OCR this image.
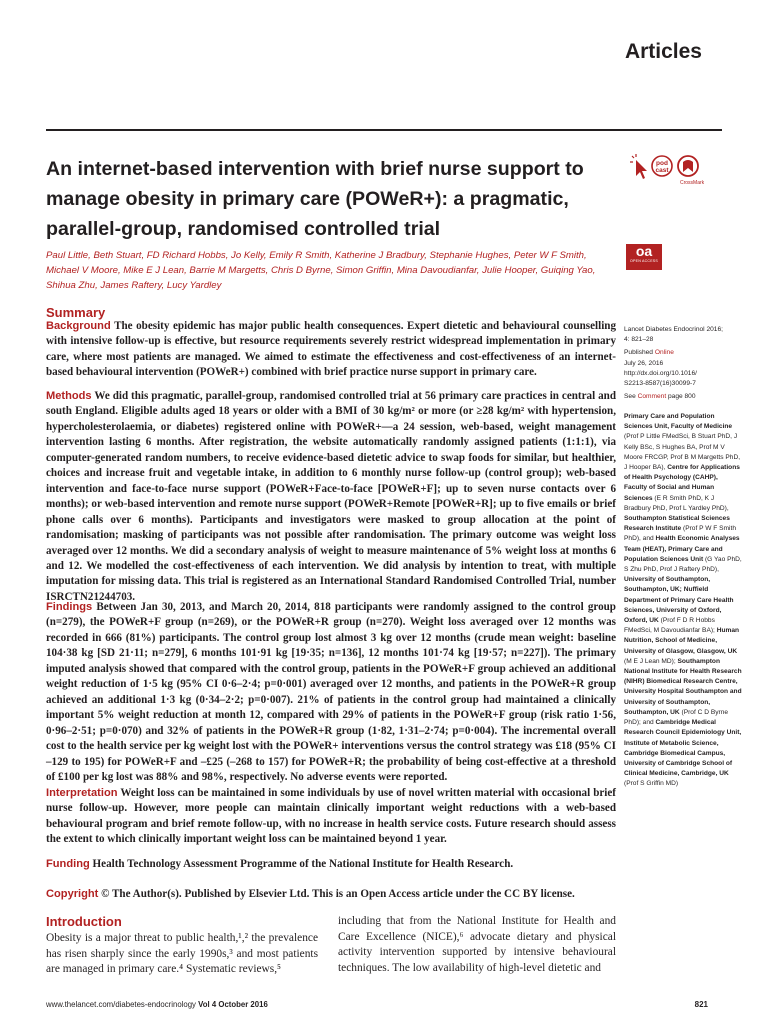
Articles
An internet-based intervention with brief nurse support to manage obesity in primary care (POWeR+): a pragmatic, parallel-group, randomised controlled trial
pod
cast
CrossMark
Paul Little, Beth Stuart, FD Richard Hobbs, Jo Kelly, Emily R Smith, Katherine J Bradbury, Stephanie Hughes, Peter W F Smith, Michael V Moore, Mike E J Lean, Barrie M Margetts, Chris D Byrne, Simon Griffin, Mina Davoudianfar, Julie Hooper, Guiqing Yao, Shihua Zhu, James Raftery, Lucy Yardley
oa
OPEN ACCESS
Summary
Background The obesity epidemic has major public health consequences. Expert dietetic and behavioural counselling with intensive follow-up is effective, but resource requirements severely restrict widespread implementation in primary care, where most patients are managed. We aimed to estimate the effectiveness and cost-effectiveness of an internet-based behavioural intervention (POWeR+) combined with brief practice nurse support in primary care.
Methods We did this pragmatic, parallel-group, randomised controlled trial at 56 primary care practices in central and south England. Eligible adults aged 18 years or older with a BMI of 30 kg/m² or more (or ≥28 kg/m² with hypertension, hypercholesterolaemia, or diabetes) registered online with POWeR+—a 24 session, web-based, weight management intervention lasting 6 months. After registration, the website automatically randomly assigned patients (1:1:1), via computer-generated random numbers, to receive evidence-based dietetic advice to swap foods for similar, but healthier, choices and increase fruit and vegetable intake, in addition to 6 monthly nurse follow-up (control group); web-based intervention and face-to-face nurse support (POWeR+Face-to-face [POWeR+F]; up to seven nurse contacts over 6 months); or web-based intervention and remote nurse support (POWeR+Remote [POWeR+R]; up to five emails or brief phone calls over 6 months). Participants and investigators were masked to group allocation at the point of randomisation; masking of participants was not possible after randomisation. The primary outcome was weight loss averaged over 12 months. We did a secondary analysis of weight to measure maintenance of 5% weight loss at months 6 and 12. We modelled the cost-effectiveness of each intervention. We did analysis by intention to treat, with multiple imputation for missing data. This trial is registered as an International Standard Randomised Controlled Trial, number ISRCTN21244703.
Findings Between Jan 30, 2013, and March 20, 2014, 818 participants were randomly assigned to the control group (n=279), the POWeR+F group (n=269), or the POWeR+R group (n=270). Weight loss averaged over 12 months was recorded in 666 (81%) participants. The control group lost almost 3 kg over 12 months (crude mean weight: baseline 104·38 kg [SD 21·11; n=279], 6 months 101·91 kg [19·35; n=136], 12 months 101·74 kg [19·57; n=227]). The primary imputed analysis showed that compared with the control group, patients in the POWeR+F group achieved an additional weight reduction of 1·5 kg (95% CI 0·6–2·4; p=0·001) averaged over 12 months, and patients in the POWeR+R group achieved an additional 1·3 kg (0·34–2·2; p=0·007). 21% of patients in the control group had maintained a clinically important 5% weight reduction at month 12, compared with 29% of patients in the POWeR+F group (risk ratio 1·56, 0·96–2·51; p=0·070) and 32% of patients in the POWeR+R group (1·82, 1·31–2·74; p=0·004). The incremental overall cost to the health service per kg weight lost with the POWeR+ interventions versus the control strategy was £18 (95% CI –129 to 195) for POWeR+F and –£25 (–268 to 157) for POWeR+R; the probability of being cost-effective at a threshold of £100 per kg lost was 88% and 98%, respectively. No adverse events were reported.
Interpretation Weight loss can be maintained in some individuals by use of novel written material with occasional brief nurse follow-up. However, more people can maintain clinically important weight reductions with a web-based behavioural program and brief remote follow-up, with no increase in health service costs. Future research should assess the extent to which clinically important weight loss can be maintained beyond 1 year.
Funding Health Technology Assessment Programme of the National Institute for Health Research.
Copyright © The Author(s). Published by Elsevier Ltd. This is an Open Access article under the CC BY license.
Introduction
Obesity is a major threat to public health,¹,² the prevalence has risen sharply since the early 1990s,³ and most patients are managed in primary care.⁴ Systematic reviews,⁵
including that from the National Institute for Health and Care Excellence (NICE),⁶ advocate dietary and physical activity intervention supported by intensive behavioural techniques. The low availability of high-level dietetic and
Lancet Diabetes Endocrinol 2016;
4: 821–28
Published Online
July 26, 2016
http://dx.doi.org/10.1016/
S2213-8587(16)30099-7
See Comment page 800
Primary Care and Population Sciences Unit, Faculty of Medicine (Prof P Little FMedSci, B Stuart PhD, J Kelly BSc, S Hughes BA, Prof M V Moore FRCGP, Prof B M Margetts PhD, J Hooper BA), Centre for Applications of Health Psychology (CAHP), Faculty of Social and Human Sciences (E R Smith PhD, K J Bradbury PhD, Prof L Yardley PhD), Southampton Statistical Sciences Research Institute (Prof P W F Smith PhD), and Health Economic Analyses Team (HEAT), Primary Care and Population Sciences Unit (G Yao PhD, S Zhu PhD, Prof J Raftery PhD), University of Southampton, Southampton, UK; Nuffield Department of Primary Care Health Sciences, University of Oxford, Oxford, UK (Prof F D R Hobbs FMedSci, M Davoudianfar BA); Human Nutrition, School of Medicine, University of Glasgow, Glasgow, UK (M E J Lean MD); Southampton National Institute for Health Research (NIHR) Biomedical Research Centre, University Hospital Southampton and University of Southampton, Southampton, UK (Prof C D Byrne PhD); and Cambridge Medical Research Council Epidemiology Unit, Institute of Metabolic Science, Cambridge Biomedical Campus, University of Cambridge School of Clinical Medicine, Cambridge, UK (Prof S Griffin MD)
www.thelancet.com/diabetes-endocrinology Vol 4 October 2016	821
